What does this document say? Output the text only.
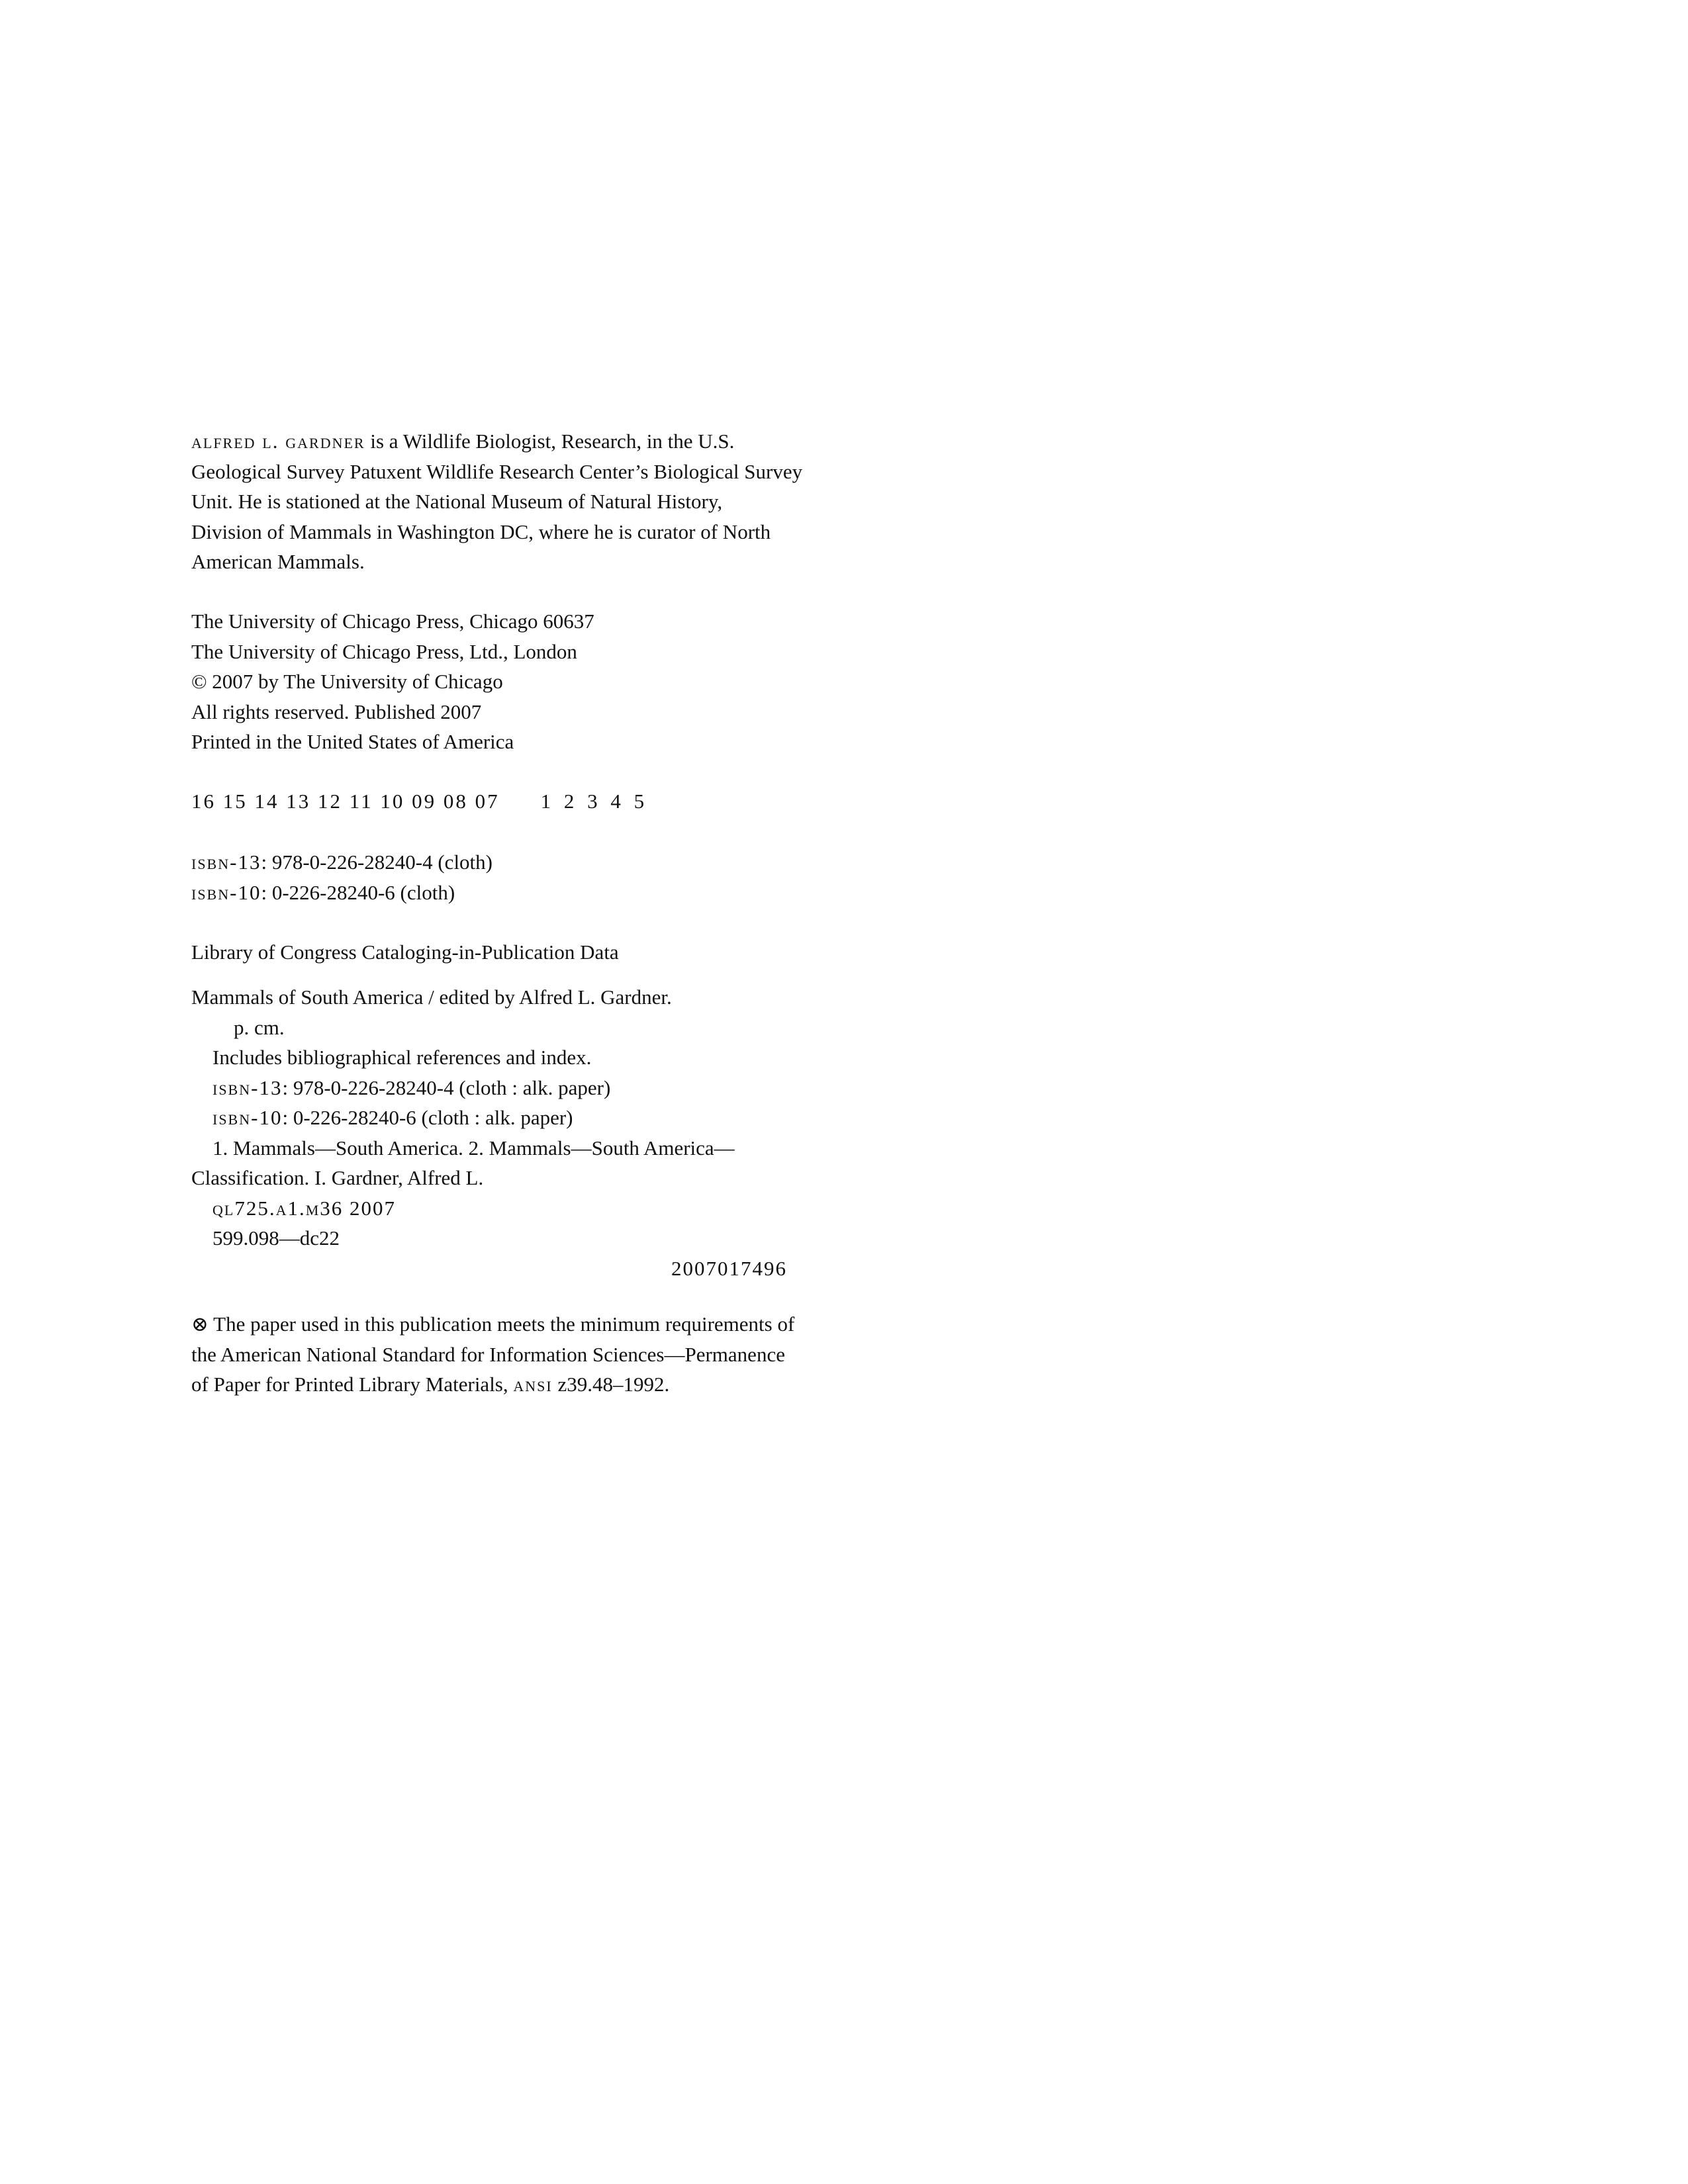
alfred l. gardner is a Wildlife Biologist, Research, in the U.S.
Geological Survey Patuxent Wildlife Research Center’s Biological Survey
Unit. He is stationed at the National Museum of Natural History,
Division of Mammals in Washington DC, where he is curator of North
American Mammals.
The University of Chicago Press, Chicago 60637
The University of Chicago Press, Ltd., London
© 2007 by The University of Chicago
All rights reserved. Published 2007
Printed in the United States of America
16 15 14 13 12 11 10 09 08 07 1 2 3 4 5
isbn-13: 978-0-226-28240-4 (cloth)
isbn-10: 0-226-28240-6 (cloth)
Library of Congress Cataloging-in-Publication Data
Mammals of South America / edited by Alfred L. Gardner.
p. cm.
Includes bibliographical references and index.
isbn-13: 978-0-226-28240-4 (cloth : alk. paper)
isbn-10: 0-226-28240-6 (cloth : alk. paper)
1. Mammals—South America. 2. Mammals—South America—
Classification. I. Gardner, Alfred L.
ql725.a1.m36 2007
599.098—dc22
2007017496
⊗ The paper used in this publication meets the minimum requirements of
the American National Standard for Information Sciences—Permanence
of Paper for Printed Library Materials, ansi z39.48–1992.
